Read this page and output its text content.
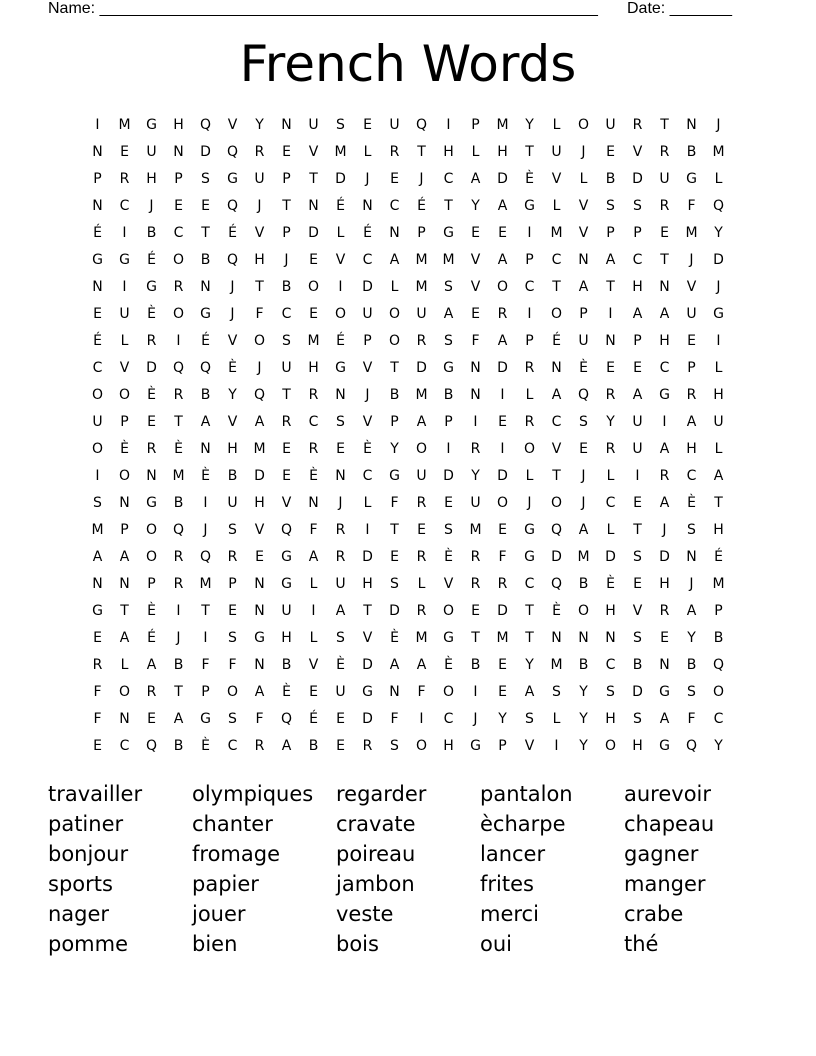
Name: ________________________________________________________ Date: _______
French Words
I	M	G	H	Q	V	Y	N	U	S	E	U	Q	I	P	M	Y	L	O	U	R	T	N	J
N	E	U	N	D	Q	R	E	V	M	L	R	T	H	L	H	T	U	J	E	V	R	B	M
P	R	H	P	S	G	U	P	T	D	J	E	J	C	A	D	È	V	L	B	D	U	G	L
N	C	J	E	E	Q	J	T	N	É	N	C	É	T	Y	A	G	L	V	S	S	R	F	Q
É	I	B	C	T	É	V	P	D	L	É	N	P	G	E	E	I	M	V	P	P	E	M	Y
G	G	É	O	B	Q	H	J	E	V	C	A	M	M	V	A	P	C	N	A	C	T	J	D
N	I	G	R	N	J	T	B	O	I	D	L	M	S	V	O	C	T	A	T	H	N	V	J
E	U	È	O	G	J	F	C	E	O	U	O	U	A	E	R	I	O	P	I	A	A	U	G
É	L	R	I	É	V	O	S	M	É	P	O	R	S	F	A	P	É	U	N	P	H	E	I
C	V	D	Q	Q	È	J	U	H	G	V	T	D	G	N	D	R	N	È	E	E	C	P	L
O	O	È	R	B	Y	Q	T	R	N	J	B	M	B	N	I	L	A	Q	R	A	G	R	H
U	P	E	T	A	V	A	R	C	S	V	P	A	P	I	E	R	C	S	Y	U	I	A	U
O	È	R	È	N	H	M	E	R	E	È	Y	O	I	R	I	O	V	E	R	U	A	H	L
I	O	N	M	È	B	D	E	È	N	C	G	U	D	Y	D	L	T	J	L	I	R	C	A
S	N	G	B	I	U	H	V	N	J	L	F	R	E	U	O	J	O	J	C	E	A	È	T
M	P	O	Q	J	S	V	Q	F	R	I	T	E	S	M	E	G	Q	A	L	T	J	S	H
A	A	O	R	Q	R	E	G	A	R	D	E	R	È	R	F	G	D	M	D	S	D	N	É
N	N	P	R	M	P	N	G	L	U	H	S	L	V	R	R	C	Q	B	È	E	H	J	M
G	T	È	I	T	E	N	U	I	A	T	D	R	O	E	D	T	È	O	H	V	R	A	P
E	A	É	J	I	S	G	H	L	S	V	È	M	G	T	M	T	N	N	N	S	E	Y	B
R	L	A	B	F	F	N	B	V	È	D	A	A	È	B	E	Y	M	B	C	B	N	B	Q
F	O	R	T	P	O	A	È	E	U	G	N	F	O	I	E	A	S	Y	S	D	G	S	O
F	N	E	A	G	S	F	Q	É	E	D	F	I	C	J	Y	S	L	Y	H	S	A	F	C
E	C	Q	B	È	C	R	A	B	E	R	S	O	H	G	P	V	I	Y	O	H	G	Q	Y
travailler	olympiques	regarder	pantalon	aurevoir
patiner	chanter	cravate	ècharpe	chapeau
bonjour	fromage	poireau	lancer	gagner
sports	papier	jambon	frites	manger
nager	jouer	veste	merci	crabe
pomme	bien	bois	oui	thé
